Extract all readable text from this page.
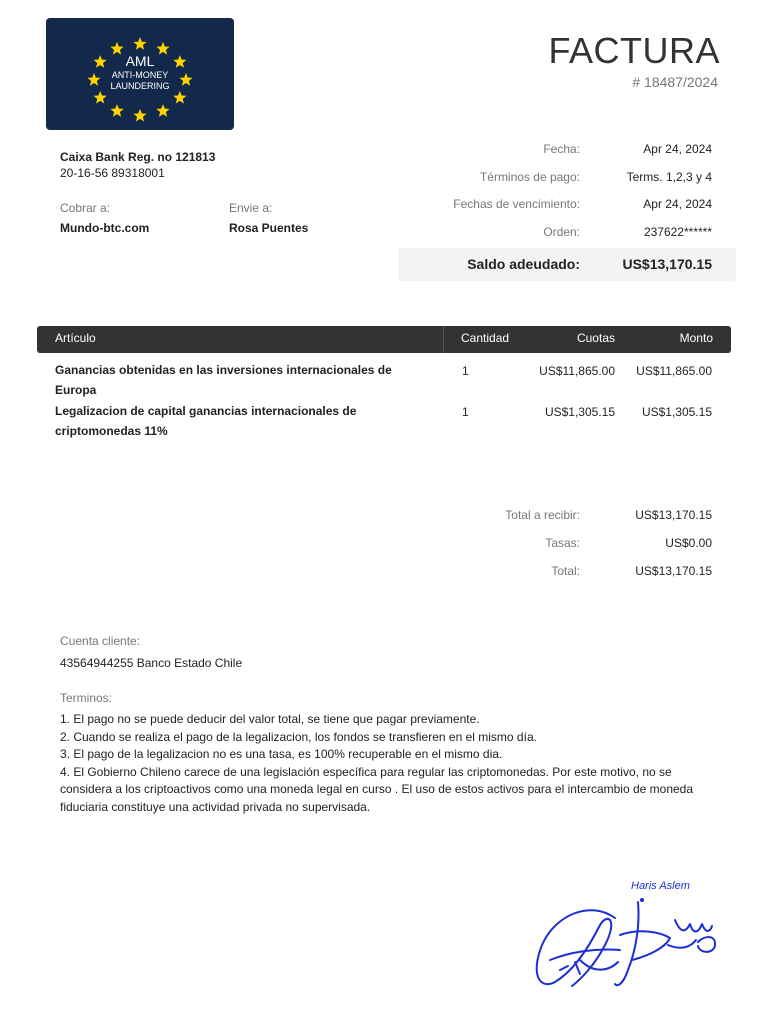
AML
ANTI-MONEY
LAUNDERING
FACTURA
# 18487/2024
Caixa Bank Reg. no 121813
20-16-56 89318001
Cobrar a:
Mundo-btc.com
Envie a:
Rosa Puentes
Fecha:	Apr 24, 2024
Términos de pago:	Terms. 1,2,3 y 4
Fechas de vencimiento:	Apr 24, 2024
Orden:	237622******
Saldo adeudado:	US$13,170.15
Artículo	Cantidad	Cuotas	Monto
Ganancias obtenidas en las inversiones internacionales de
Europa
1	US$11,865.00 US$11,865.00
Legalizacion de capital ganancias internacionales de
criptomonedas 11%
1	US$1,305.15 US$1,305.15
Total a recibir:	US$13,170.15
Tasas:	US$0.00
Total:	US$13,170.15
Cuenta cliente:
43564944255 Banco Estado Chile
Terminos:
1. El pago no se puede deducir del valor total, se tiene que pagar previamente.
2. Cuando se realiza el pago de la legalizacion, los fondos se transfieren en el mismo día.
3. El pago de la legalizacion no es una tasa, es 100% recuperable en el mismo dia.
4. El Gobierno Chileno carece de una legislación específica para regular las criptomonedas. Por este motivo, no se considera a los criptoactivos como una moneda legal en curso . El uso de estos activos para el intercambio de moneda fiduciaria constituye una actividad privada no supervisada.
Haris Aslem
